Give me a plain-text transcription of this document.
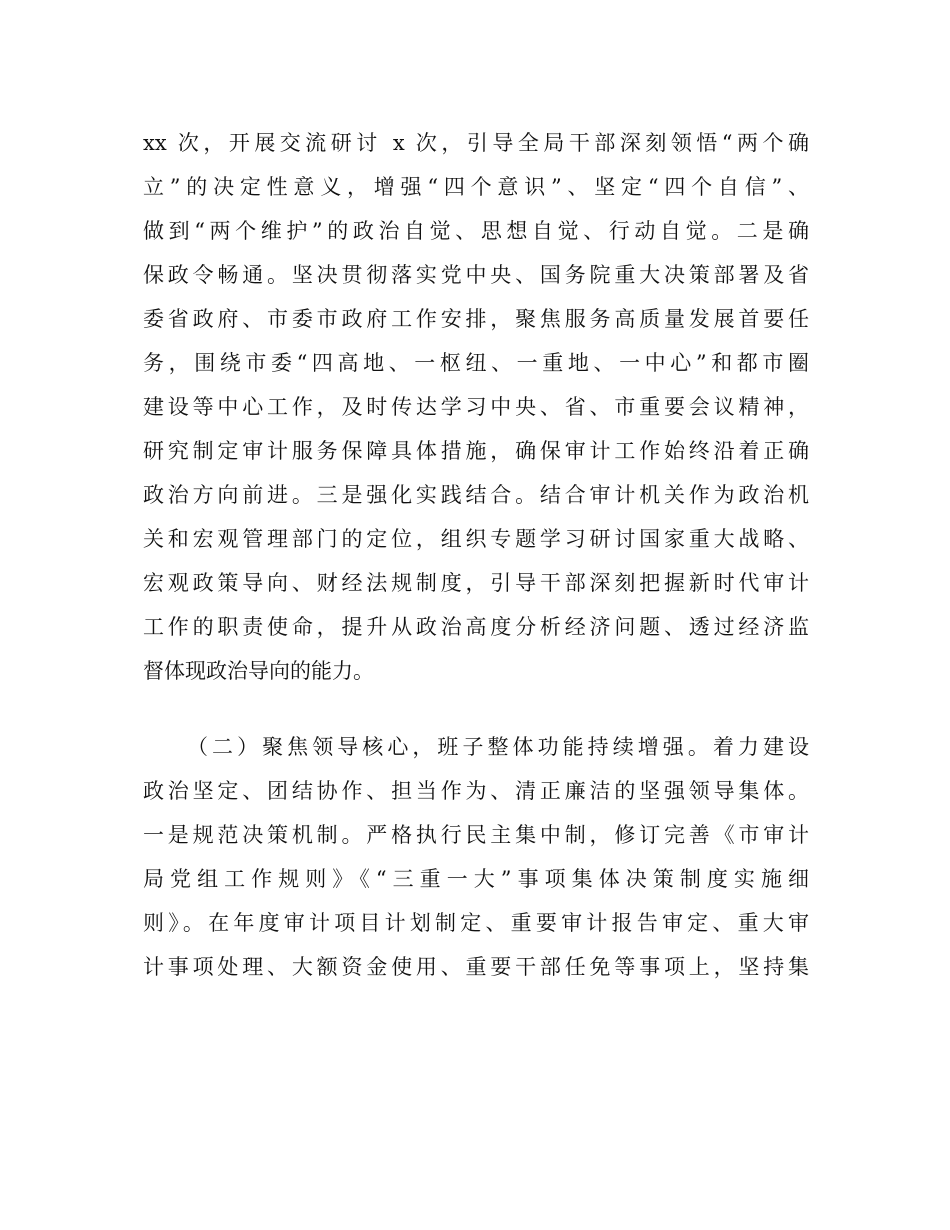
xx 次，开展交流研讨 x 次，引导全局干部深刻领悟“两个确
立”的决定性意义，增强“四个意识”、坚定“四个自信”、
做到“两个维护”的政治自觉、思想自觉、行动自觉。二是确
保政令畅通。坚决贯彻落实党中央、国务院重大决策部署及省
委省政府、市委市政府工作安排，聚焦服务高质量发展首要任
务，围绕市委“四高地、一枢纽、一重地、一中心”和都市圈
建设等中心工作，及时传达学习中央、省、市重要会议精神，
研究制定审计服务保障具体措施，确保审计工作始终沿着正确
政治方向前进。三是强化实践结合。结合审计机关作为政治机
关和宏观管理部门的定位，组织专题学习研讨国家重大战略、
宏观政策导向、财经法规制度，引导干部深刻把握新时代审计
工作的职责使命，提升从政治高度分析经济问题、透过经济监
督体现政治导向的能力。
（二）聚焦领导核心，班子整体功能持续增强。着力建设
政治坚定、团结协作、担当作为、清正廉洁的坚强领导集体。
一是规范决策机制。严格执行民主集中制，修订完善《市审计
局党组工作规则》《“三重一大”事项集体决策制度实施细
则》。在年度审计项目计划制定、重要审计报告审定、重大审
计事项处理、大额资金使用、重要干部任免等事项上，坚持集
